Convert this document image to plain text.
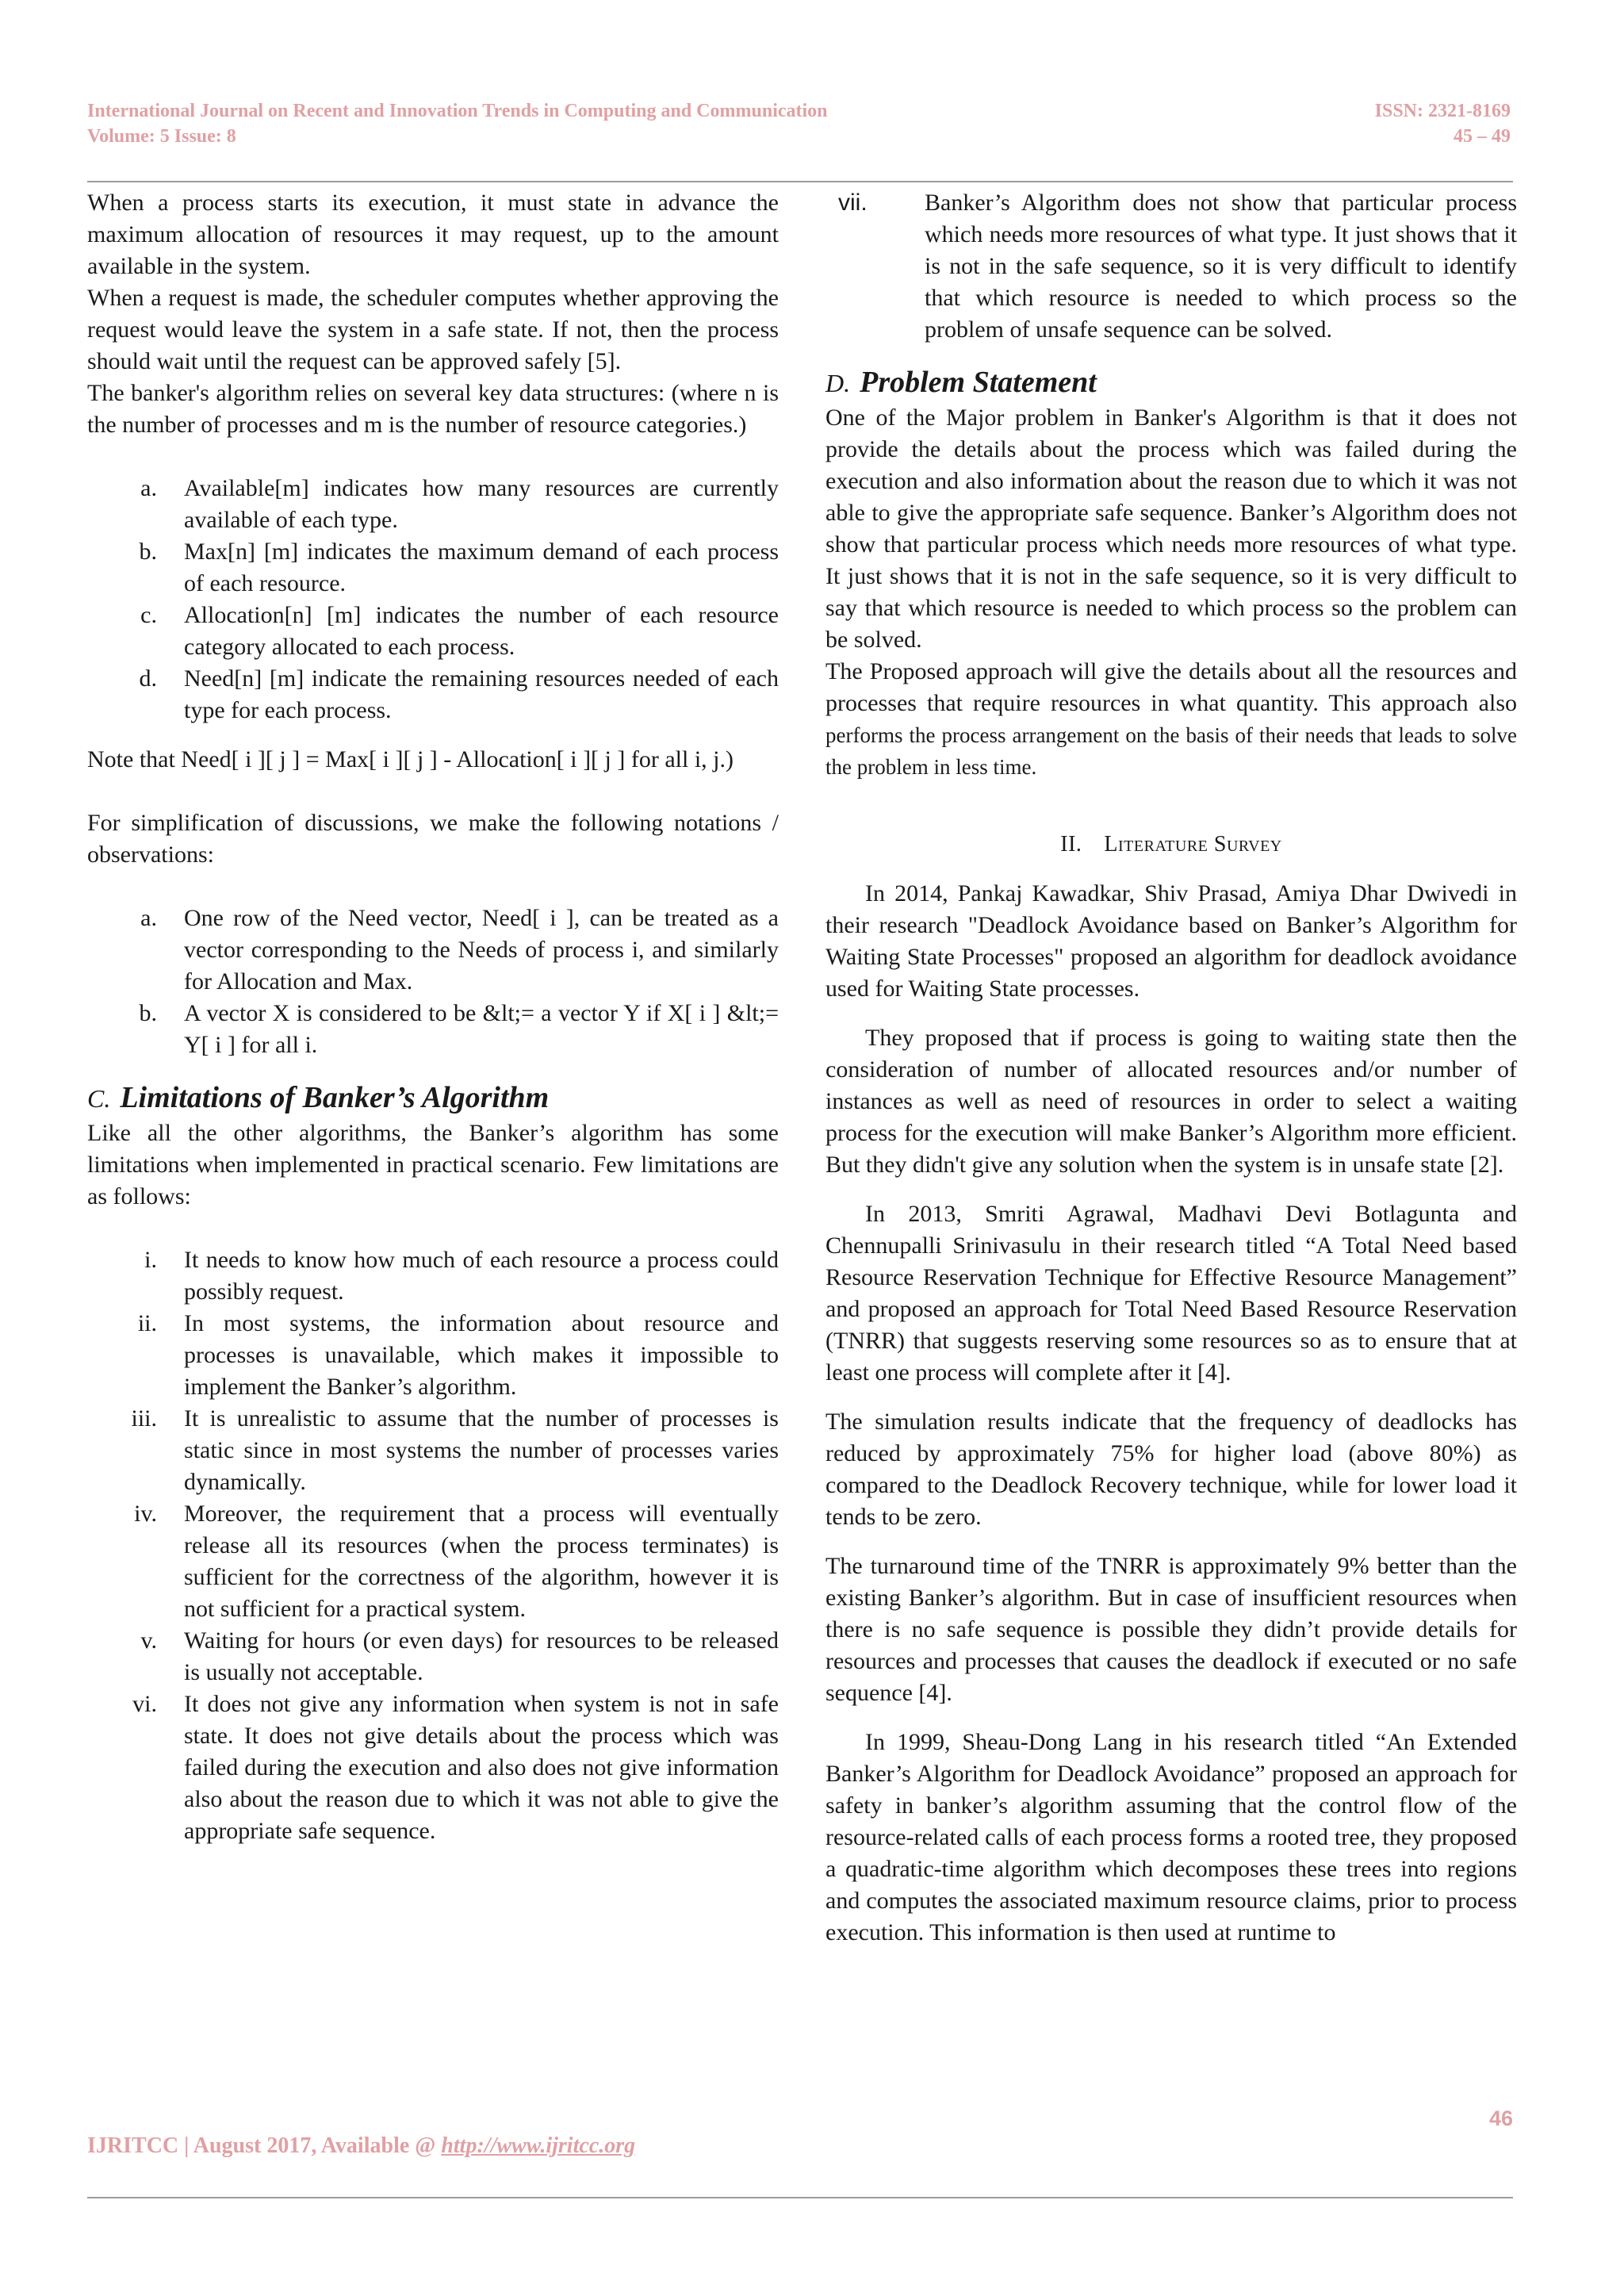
International Journal on Recent and Innovation Trends in Computing and Communication
Volume: 5 Issue: 8
ISSN: 2321-8169
45 – 49

When a process starts its execution, it must state in advance the maximum allocation of resources it may request, up to the amount available in the system.

When a request is made, the scheduler computes whether approving the request would leave the system in a safe state. If not, then the process should wait until the request can be approved safely [5].

The banker's algorithm relies on several key data structures: (where n is the number of processes and m is the number of resource categories.)

a. Available[m] indicates how many resources are currently available of each type.
b. Max[n] [m] indicates the maximum demand of each process of each resource.
c. Allocation[n] [m] indicates the number of each resource category allocated to each process.
d. Need[n] [m] indicate the remaining resources needed of each type for each process.

Note that Need[ i ][ j ] = Max[ i ][ j ] - Allocation[ i ][ j ] for all i, j.)

For simplification of discussions, we make the following notations / observations:

a. One row of the Need vector, Need[ i ], can be treated as a vector corresponding to the Needs of process i, and similarly for Allocation and Max.
b. A vector X is considered to be &lt;= a vector Y if X[ i ] &lt;= Y[ i ] for all i.
C. Limitations of Banker’s Algorithm

Like all the other algorithms, the Banker’s algorithm has some limitations when implemented in practical scenario. Few limitations are as follows:

i. It needs to know how much of each resource a process could possibly request.
ii. In most systems, the information about resource and processes is unavailable, which makes it impossible to implement the Banker’s algorithm.
iii. It is unrealistic to assume that the number of processes is static since in most systems the number of processes varies dynamically.
iv. Moreover, the requirement that a process will eventually release all its resources (when the process terminates) is sufficient for the correctness of the algorithm, however it is not sufficient for a practical system.
v. Waiting for hours (or even days) for resources to be released is usually not acceptable.
vi. It does not give any information when system is not in safe state. It does not give details about the process which was failed during the execution and also does not give information also about the reason due to which it was not able to give the appropriate safe sequence.
vii.	Banker’s Algorithm does not show that particular process which needs more resources of what type. It just shows that it is not in the safe sequence, so it is very difficult to identify that which resource is needed to which process so the problem of unsafe sequence can be solved.
D. Problem Statement

One of the Major problem in Banker's Algorithm is that it does not provide the details about the process which was failed during the execution and also information about the reason due to which it was not able to give the appropriate safe sequence. Banker’s Algorithm does not show that particular process which needs more resources of what type. It just shows that it is not in the safe sequence, so it is very difficult to say that which resource is needed to which process so the problem can be solved.

The Proposed approach will give the details about all the resources and processes that require resources in what quantity. This approach also performs the process arrangement on the basis of their needs that leads to solve the problem in less time.

II. Literature Survey

In 2014, Pankaj Kawadkar, Shiv Prasad, Amiya Dhar Dwivedi in their research "Deadlock Avoidance based on Banker’s Algorithm for Waiting State Processes" proposed an algorithm for deadlock avoidance used for Waiting State processes.

They proposed that if process is going to waiting state then the consideration of number of allocated resources and/or number of instances as well as need of resources in order to select a waiting process for the execution will make Banker’s Algorithm more efficient. But they didn't give any solution when the system is in unsafe state [2].

In 2013, Smriti Agrawal, Madhavi Devi Botlagunta and Chennupalli Srinivasulu in their research titled “A Total Need based Resource Reservation Technique for Effective Resource Management” and proposed an approach for Total Need Based Resource Reservation (TNRR) that suggests reserving some resources so as to ensure that at least one process will complete after it [4].

The simulation results indicate that the frequency of deadlocks has reduced by approximately 75% for higher load (above 80%) as compared to the Deadlock Recovery technique, while for lower load it tends to be zero.

The turnaround time of the TNRR is approximately 9% better than the existing Banker’s algorithm. But in case of insufficient resources when there is no safe sequence is possible they didn’t provide details for resources and processes that causes the deadlock if executed or no safe sequence [4].

In 1999, Sheau-Dong Lang in his research titled “An Extended Banker’s Algorithm for Deadlock Avoidance” proposed an approach for safety in banker’s algorithm assuming that the control flow of the resource-related calls of each process forms a rooted tree, they proposed a quadratic-time algorithm which decomposes these trees into regions and computes the associated maximum resource claims, prior to process execution. This information is then used at runtime to

46
IJRITCC | August 2017, Available @ http://www.ijritcc.org
